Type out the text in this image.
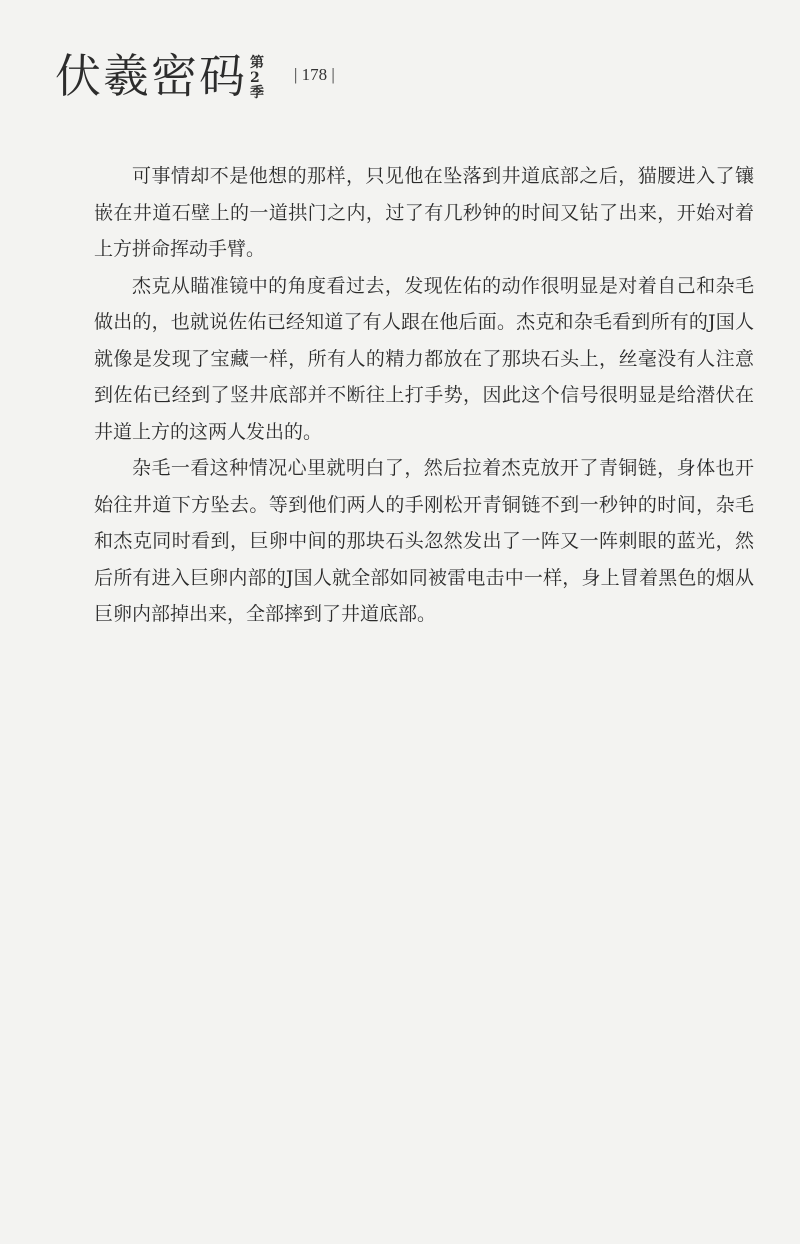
伏羲密码 第2季
| 178 |

可事情却不是他想的那样，只见他在坠落到井道底部之后，猫腰进入了镶嵌在井道石壁上的一道拱门之内，过了有几秒钟的时间又钻了出来，开始对着上方拼命挥动手臂。

杰克从瞄准镜中的角度看过去，发现佐佑的动作很明显是对着自己和杂毛做出的，也就说佐佑已经知道了有人跟在他后面。杰克和杂毛看到所有的J国人就像是发现了宝藏一样，所有人的精力都放在了那块石头上，丝毫没有人注意到佐佑已经到了竖井底部并不断往上打手势，因此这个信号很明显是给潜伏在井道上方的这两人发出的。

杂毛一看这种情况心里就明白了，然后拉着杰克放开了青铜链，身体也开始往井道下方坠去。等到他们两人的手刚松开青铜链不到一秒钟的时间，杂毛和杰克同时看到，巨卵中间的那块石头忽然发出了一阵又一阵刺眼的蓝光，然后所有进入巨卵内部的J国人就全部如同被雷电击中一样，身上冒着黑色的烟从巨卵内部掉出来，全部摔到了井道底部。
